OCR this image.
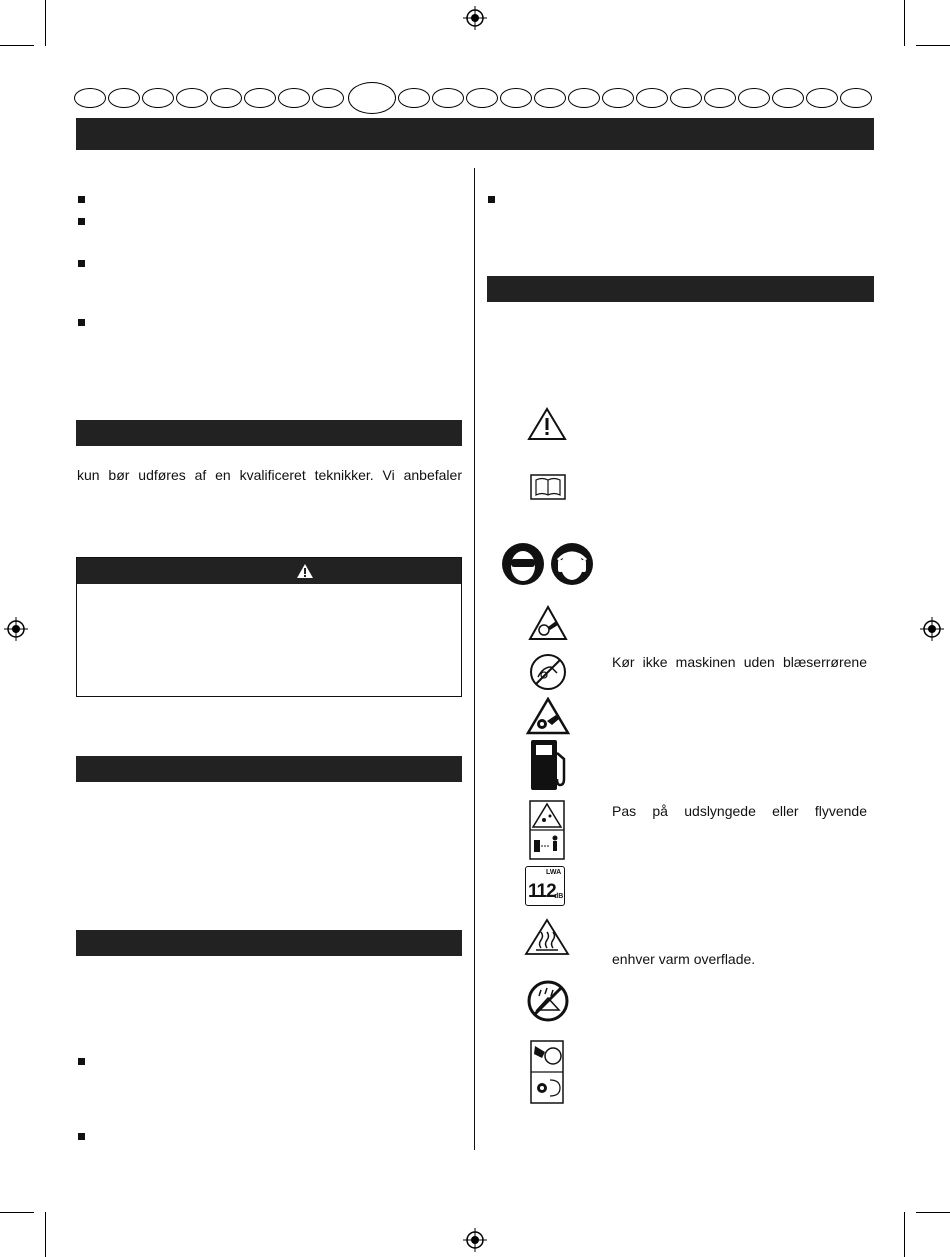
kun bør udføres af en kvalificeret teknikker. Vi anbefaler
Kør ikke maskinen uden blæserrørene
Pas på udslyngede eller flyvende
LWA
112
dB
enhver varm overflade.
